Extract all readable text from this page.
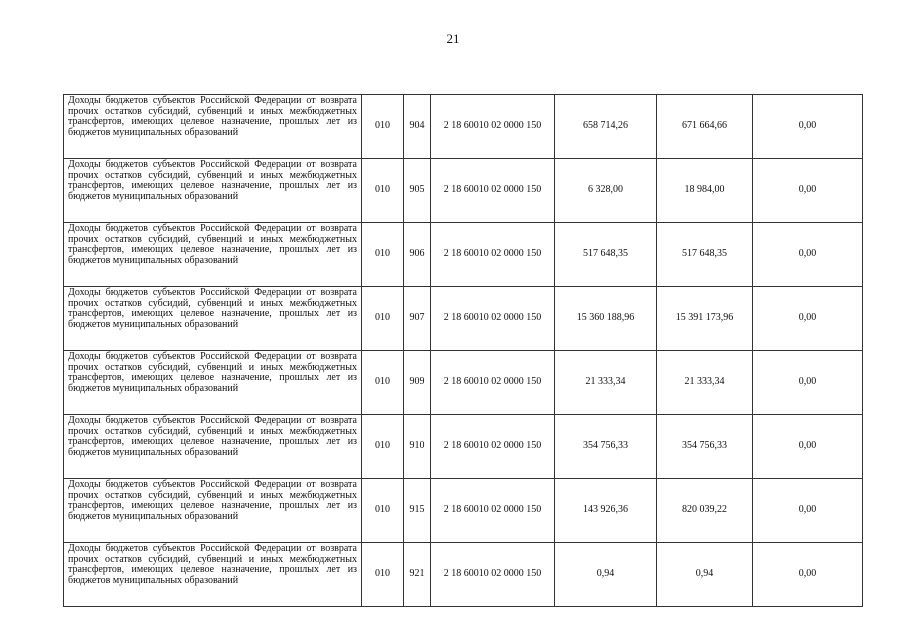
21
Доходы бюджетов субъектов Российской Федерации от возврата прочих остатков субсидий, субвенций и иных межбюджетных трансфертов, имеющих целевое назначение, прошлых лет из бюджетов муниципальных образований	010	904	2 18 60010 02 0000 150	658 714,26	671 664,66	0,00
Доходы бюджетов субъектов Российской Федерации от возврата прочих остатков субсидий, субвенций и иных межбюджетных трансфертов, имеющих целевое назначение, прошлых лет из бюджетов муниципальных образований	010	905	2 18 60010 02 0000 150	6 328,00	18 984,00	0,00
Доходы бюджетов субъектов Российской Федерации от возврата прочих остатков субсидий, субвенций и иных межбюджетных трансфертов, имеющих целевое назначение, прошлых лет из бюджетов муниципальных образований	010	906	2 18 60010 02 0000 150	517 648,35	517 648,35	0,00
Доходы бюджетов субъектов Российской Федерации от возврата прочих остатков субсидий, субвенций и иных межбюджетных трансфертов, имеющих целевое назначение, прошлых лет из бюджетов муниципальных образований	010	907	2 18 60010 02 0000 150	15 360 188,96	15 391 173,96	0,00
Доходы бюджетов субъектов Российской Федерации от возврата прочих остатков субсидий, субвенций и иных межбюджетных трансфертов, имеющих целевое назначение, прошлых лет из бюджетов муниципальных образований	010	909	2 18 60010 02 0000 150	21 333,34	21 333,34	0,00
Доходы бюджетов субъектов Российской Федерации от возврата прочих остатков субсидий, субвенций и иных межбюджетных трансфертов, имеющих целевое назначение, прошлых лет из бюджетов муниципальных образований	010	910	2 18 60010 02 0000 150	354 756,33	354 756,33	0,00
Доходы бюджетов субъектов Российской Федерации от возврата прочих остатков субсидий, субвенций и иных межбюджетных трансфертов, имеющих целевое назначение, прошлых лет из бюджетов муниципальных образований	010	915	2 18 60010 02 0000 150	143 926,36	820 039,22	0,00
Доходы бюджетов субъектов Российской Федерации от возврата прочих остатков субсидий, субвенций и иных межбюджетных трансфертов, имеющих целевое назначение, прошлых лет из бюджетов муниципальных образований	010	921	2 18 60010 02 0000 150	0,94	0,94	0,00
